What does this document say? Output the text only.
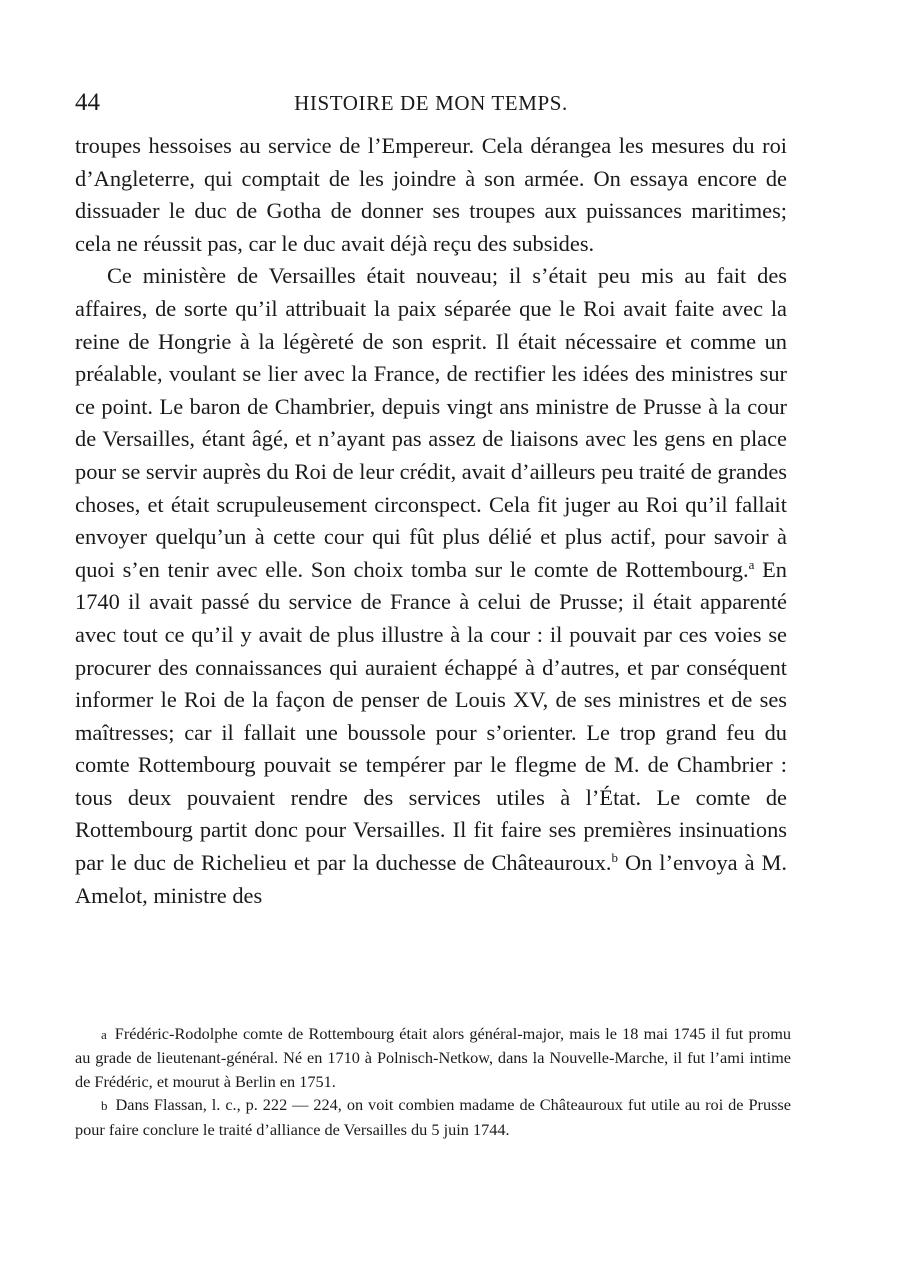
44	HISTOIRE DE MON TEMPS.

troupes hessoises au service de l’Empereur. Cela dérangea les mesures du roi d’Angleterre, qui comptait de les joindre à son armée. On essaya encore de dissuader le duc de Gotha de donner ses troupes aux puissances maritimes; cela ne réussit pas, car le duc avait déjà reçu des subsides.

Ce ministère de Versailles était nouveau; il s’était peu mis au fait des affaires, de sorte qu’il attribuait la paix séparée que le Roi avait faite avec la reine de Hongrie à la légèreté de son esprit. Il était nécessaire et comme un préalable, voulant se lier avec la France, de rectifier les idées des ministres sur ce point. Le baron de Chambrier, depuis vingt ans ministre de Prusse à la cour de Versailles, étant âgé, et n’ayant pas assez de liaisons avec les gens en place pour se servir auprès du Roi de leur crédit, avait d’ailleurs peu traité de grandes choses, et était scrupuleusement circonspect. Cela fit juger au Roi qu’il fallait envoyer quelqu’un à cette cour qui fût plus délié et plus actif, pour savoir à quoi s’en tenir avec elle. Son choix tomba sur le comte de Rottembourg.$^a$ En 1740 il avait passé du service de France à celui de Prusse; il était apparenté avec tout ce qu’il y avait de plus illustre à la cour : il pouvait par ces voies se procurer des connaissances qui auraient échappé à d’autres, et par conséquent informer le Roi de la façon de penser de Louis XV, de ses ministres et de ses maîtresses; car il fallait une boussole pour s’orienter. Le trop grand feu du comte Rottembourg pouvait se tempérer par le flegme de M. de Chambrier : tous deux pouvaient rendre des services utiles à l’État. Le comte de Rottembourg partit donc pour Versailles. Il fit faire ses premières insinuations par le duc de Richelieu et par la duchesse de Châteauroux.$^b$ On l’envoya à M. Amelot, ministre des

a Frédéric-Rodolphe comte de Rottembourg était alors général-major, mais le 18 mai 1745 il fut promu au grade de lieutenant-général. Né en 1710 à Polnisch-Netkow, dans la Nouvelle-Marche, il fut l’ami intime de Frédéric, et mourut à Berlin en 1751.

b Dans Flassan, l. c., p. 222 — 224, on voit combien madame de Châteauroux fut utile au roi de Prusse pour faire conclure le traité d’alliance de Versailles du 5 juin 1744.
